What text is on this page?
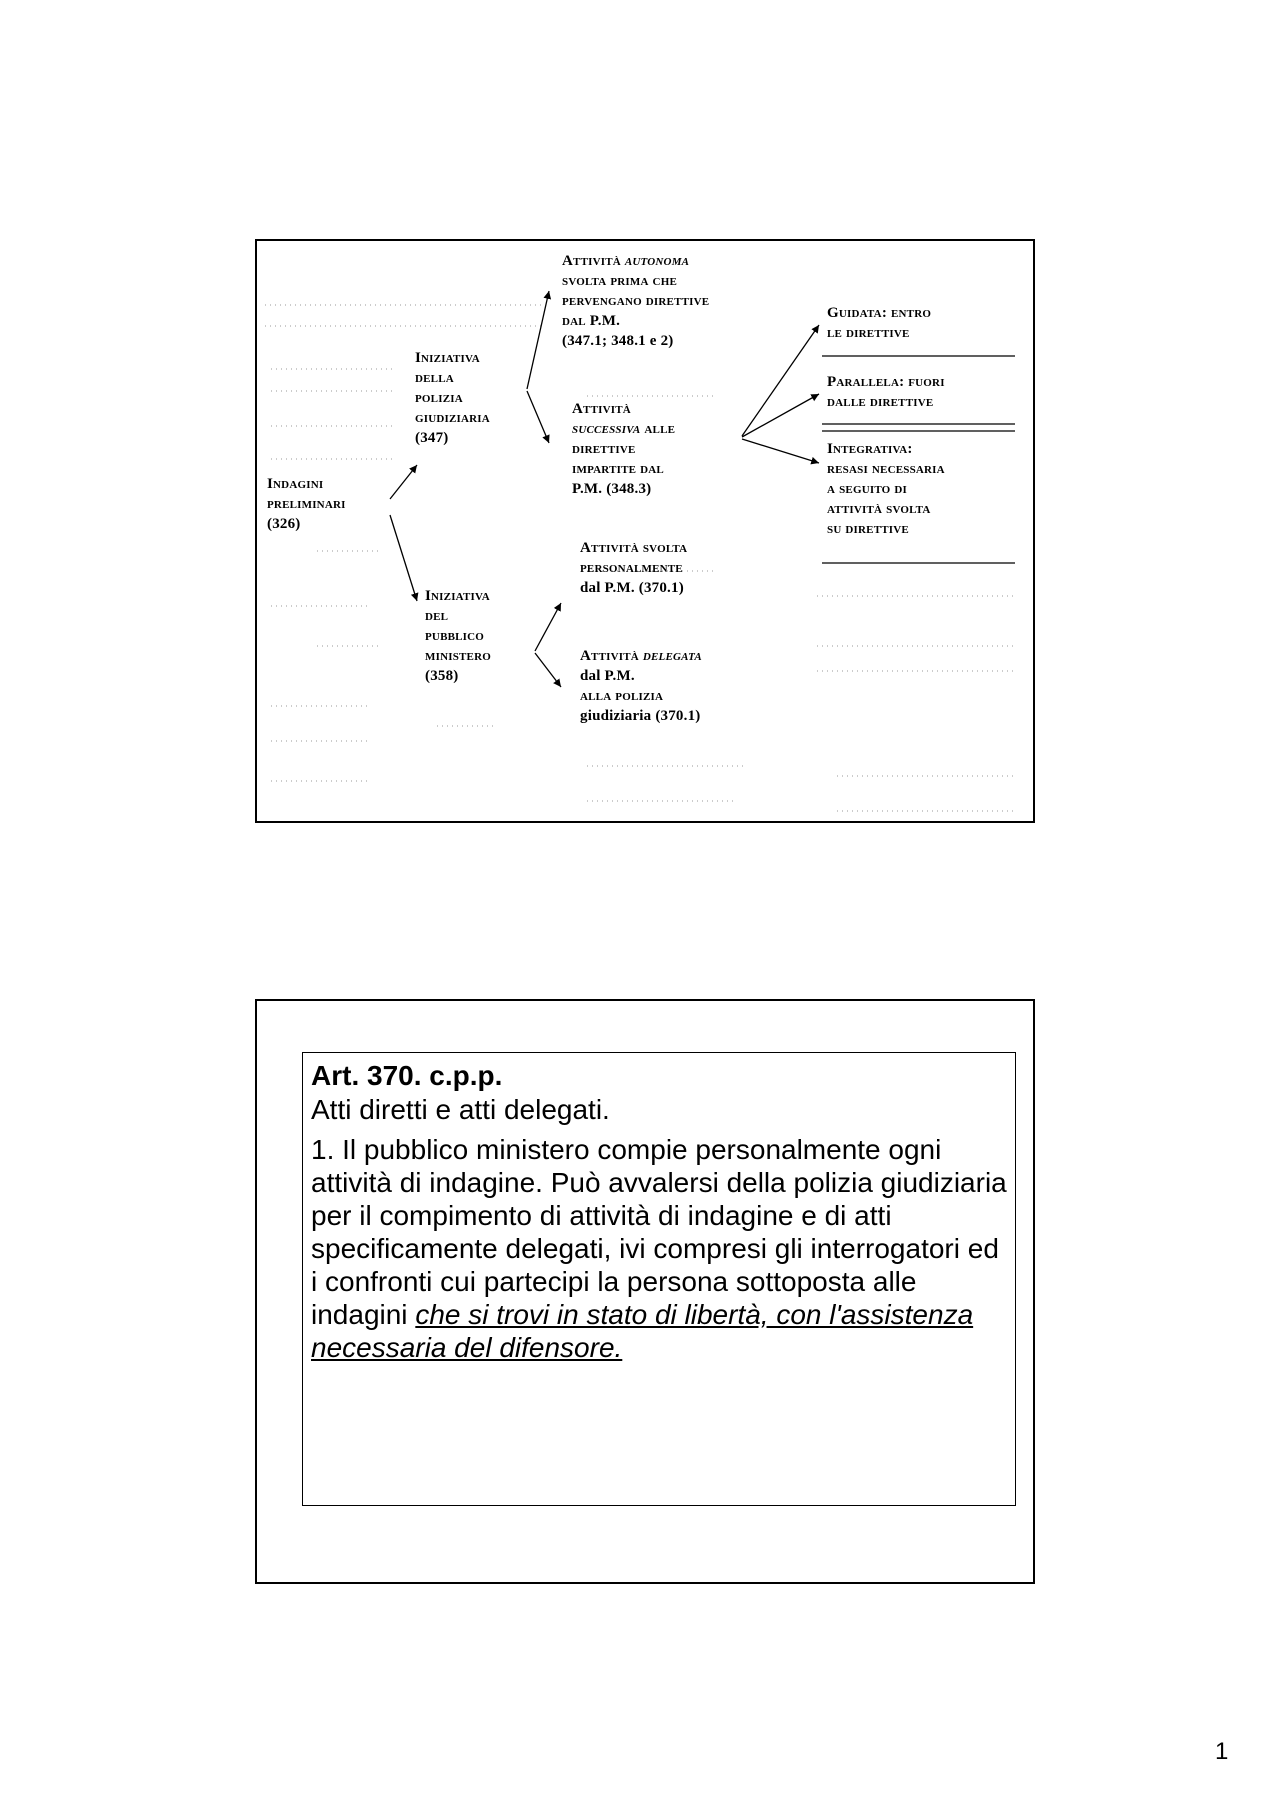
Indagini
preliminari
(326)
Iniziativa
della
polizia
giudiziaria
(347)
Iniziativa
del
pubblico
ministero
(358)
Attività autonoma
svolta prima che
pervengano direttive
dal P.M.
(347.1; 348.1 e 2)
Attività
successiva alle
direttive
impartite dal
P.M. (348.3)
Attività svolta
personalmente
dal P.M. (370.1)
Attività delegata
dal P.M.
alla polizia
giudiziaria (370.1)
Guidata: entro
le direttive
Parallela: fuori
dalle direttive
Integrativa:
resasi necessaria
a seguito di
attività svolta
su direttive

Art. 370. c.p.p.

Atti diretti e atti delegati.

1. Il pubblico ministero compie personalmente ogni attività di indagine. Può avvalersi della polizia giudiziaria per il compimento di attività di indagine e di atti specificamente delegati, ivi compresi gli interrogatori ed i confronti cui partecipi la persona sottoposta alle indagini che si trovi in stato di libertà, con l'assistenza necessaria del difensore.

1
